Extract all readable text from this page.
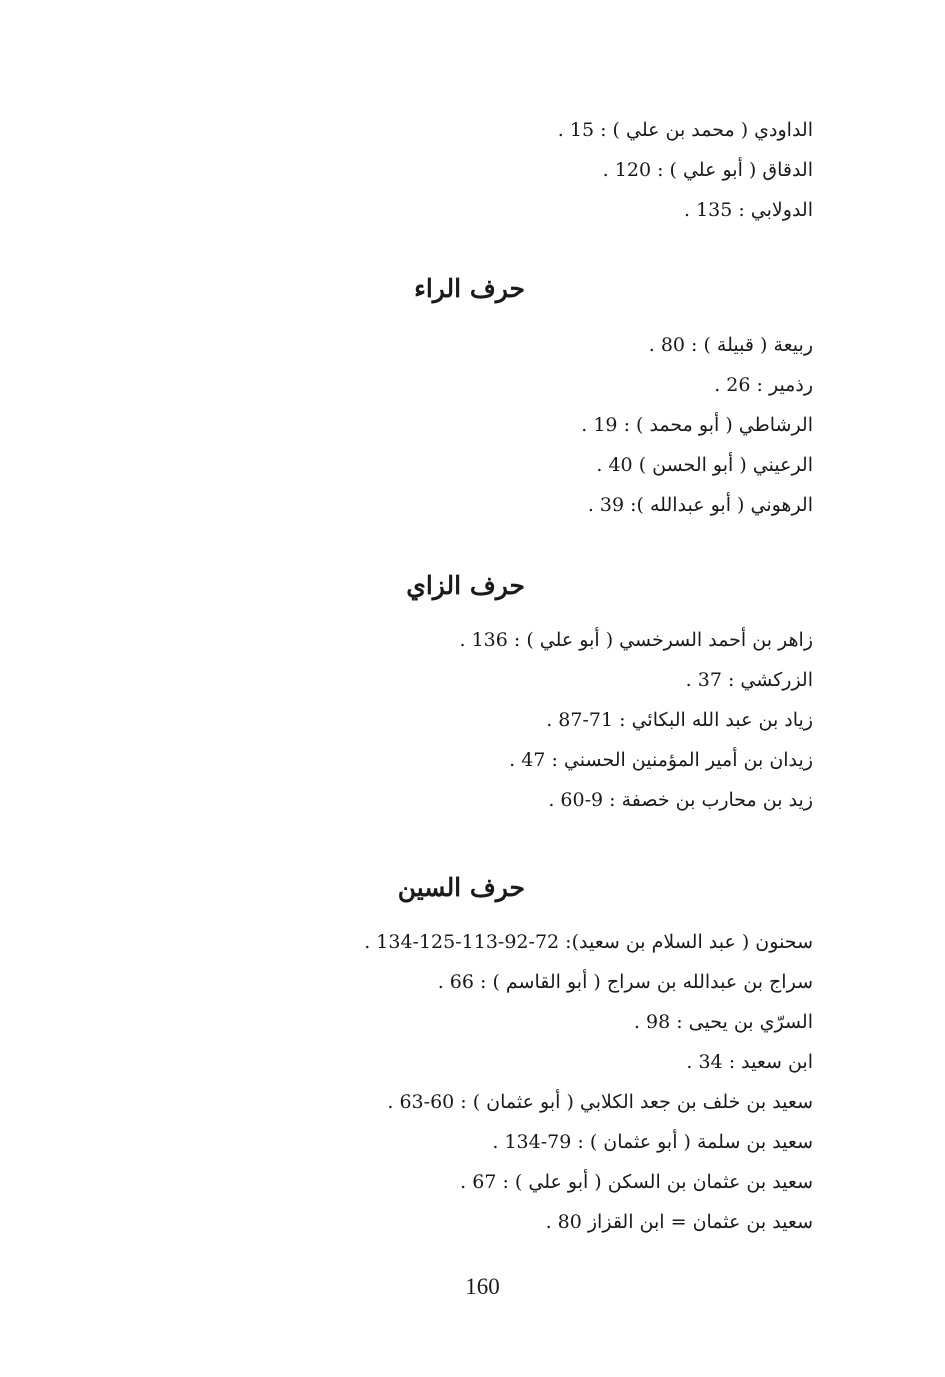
الداودي ( محمد بن علي ) : 15 .
الدقاق ( أبو علي ) : 120 .
الدولابي : 135 .
حرف الراء
ربيعة ( قبيلة ) : 80 .
رذمير : 26 .
الرشاطي ( أبو محمد ) : 19 .
الرعيني ( أبو الحسن ) 40 .
الرهوني ( أبو عبدالله ): 39 .
حرف الزاي
زاهر بن أحمد السرخسي ( أبو علي ) : 136 .
الزركشي : 37 .
زياد بن عبد الله البكائي : 71-87 .
زيدان بن أمير المؤمنين الحسني : 47 .
زيد بن محارب بن خصفة : 9-60 .
حرف السين
سحنون ( عبد السلام بن سعيد): 72-92-113-125-134 .
سراج بن عبدالله بن سراج ( أبو القاسم ) : 66 .
السرّي بن يحيى : 98 .
ابن سعيد : 34 .
سعيد بن خلف بن جعد الكلابي ( أبو عثمان ) : 60-63 .
سعيد بن سلمة ( أبو عثمان ) : 79-134 .
سعيد بن عثمان بن السكن ( أبو علي ) : 67 .
سعيد بن عثمان = ابن القزاز 80 .
160
